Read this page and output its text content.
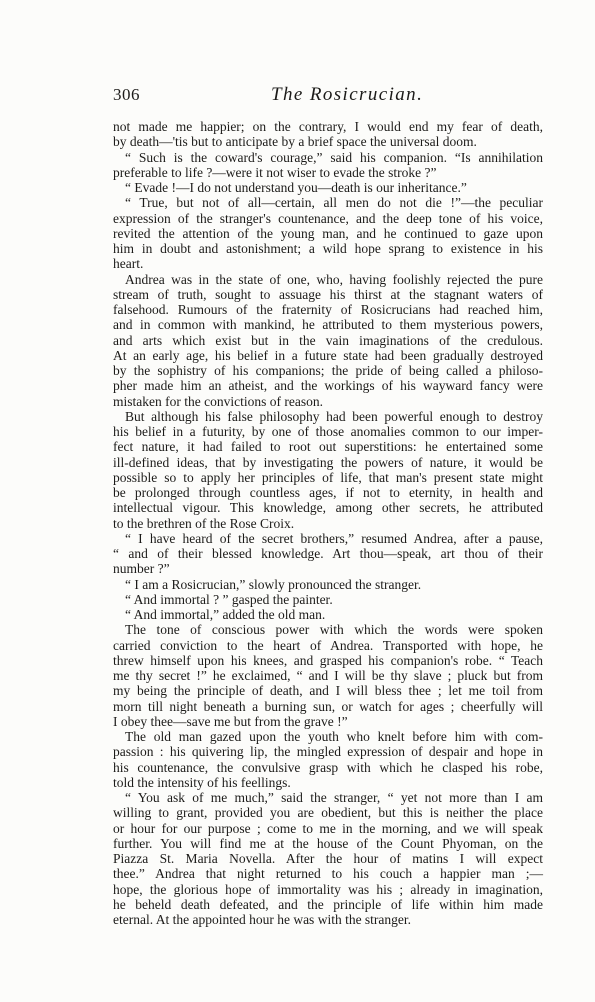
306	The Rosicrucian.
not made me happier; on the contrary, I would end my fear of death,
by death—'tis but to anticipate by a brief space the universal doom.
“ Such is the coward's courage,” said his companion. “Is annihilation
preferable to life ?—were it not wiser to evade the stroke ?”
“ Evade !—I do not understand you—death is our inheritance.”
“ True, but not of all—certain, all men do not die !”—the peculiar
expression of the stranger's countenance, and the deep tone of his voice,
revited the attention of the young man, and he continued to gaze upon
him in doubt and astonishment; a wild hope sprang to existence in his
heart.
Andrea was in the state of one, who, having foolishly rejected the pure
stream of truth, sought to assuage his thirst at the stagnant waters of
falsehood. Rumours of the fraternity of Rosicrucians had reached him,
and in common with mankind, he attributed to them mysterious powers,
and arts which exist but in the vain imaginations of the credulous.
At an early age, his belief in a future state had been gradually destroyed
by the sophistry of his companions; the pride of being called a philoso-
pher made him an atheist, and the workings of his wayward fancy were
mistaken for the convictions of reason.
But although his false philosophy had been powerful enough to destroy
his belief in a futurity, by one of those anomalies common to our imper-
fect nature, it had failed to root out superstitions: he entertained some
ill-defined ideas, that by investigating the powers of nature, it would be
possible so to apply her principles of life, that man's present state might
be prolonged through countless ages, if not to eternity, in health and
intellectual vigour. This knowledge, among other secrets, he attributed
to the brethren of the Rose Croix.
“ I have heard of the secret brothers,” resumed Andrea, after a pause,
“ and of their blessed knowledge. Art thou—speak, art thou of their
number ?”
“ I am a Rosicrucian,” slowly pronounced the stranger.
“ And immortal ? ” gasped the painter.
“ And immortal,” added the old man.
The tone of conscious power with which the words were spoken
carried conviction to the heart of Andrea. Transported with hope, he
threw himself upon his knees, and grasped his companion's robe. “ Teach
me thy secret !” he exclaimed, “ and I will be thy slave ; pluck but from
my being the principle of death, and I will bless thee ; let me toil from
morn till night beneath a burning sun, or watch for ages ; cheerfully will
I obey thee—save me but from the grave !”
The old man gazed upon the youth who knelt before him with com-
passion : his quivering lip, the mingled expression of despair and hope in
his countenance, the convulsive grasp with which he clasped his robe,
told the intensity of his feellings.
“ You ask of me much,” said the stranger, “ yet not more than I am
willing to grant, provided you are obedient, but this is neither the place
or hour for our purpose ; come to me in the morning, and we will speak
further. You will find me at the house of the Count Phyoman, on the
Piazza St. Maria Novella. After the hour of matins I will expect
thee.” Andrea that night returned to his couch a happier man ;—
hope, the glorious hope of immortality was his ; already in imagination,
he beheld death defeated, and the principle of life within him made
eternal. At the appointed hour he was with the stranger.
